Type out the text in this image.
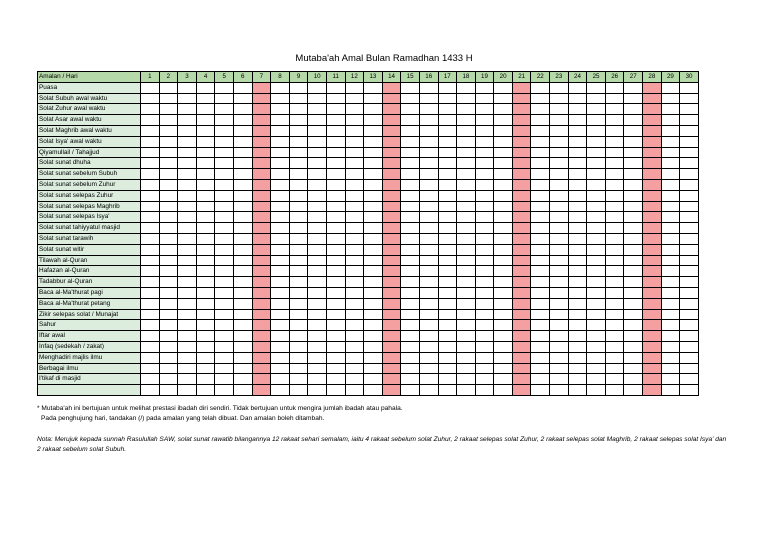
Mutaba'ah Amal Bulan Ramadhan 1433 H
Amalan / Hari	1	2	3	4	5	6	7	8	9	10	11	12	13	14	15	16	17	18	19	20	21	22	23	24	25	26	27	28	29	30
Puasa																														
Solat Subuh awal waktu																														
Solat Zuhur awal waktu																														
Solat Asar awal waktu																														
Solat Maghrib awal waktu																														
Solat Isya' awal waktu																														
Qiyamullail / Tahajjud																														
Solat sunat dhuha																														
Solat sunat sebelum Subuh																														
Solat sunat sebelum Zuhur																														
Solat sunat selepas Zuhur																														
Solat sunat selepas Maghrib																														
Solat sunat selepas Isya'																														
Solat sunat tahiyyatul masjid																														
Solat sunat tarawih																														
Solat sunat witir																														
Tilawah al-Quran																														
Hafazan al-Quran																														
Tadabbur al-Quran																														
Baca al-Ma'thurat pagi																														
Baca al-Ma'thurat petang																														
Zikir selepas solat / Munajat																														
Sahur																														
Iftar awal																														
Infaq (sedekah / zakat)																														
Menghadiri majlis ilmu																														
Berbagai ilmu																														
I'tikaf di masjid																														

* Mutaba'ah ini bertujuan untuk melihat prestasi ibadah diri sendiri. Tidak bertujuan untuk mengira jumlah ibadah atau pahala.
Pada penghujung hari, tandakan (/) pada amalan yang telah dibuat. Dan amalan boleh ditambah.
Nota: Merujuk kepada sunnah Rasulullah SAW, solat sunat rawatib bilangannya 12 rakaat sehari semalam, iaitu 4 rakaat sebelum solat Zuhur, 2 rakaat selepas solat Zuhur, 2 rakaat selepas solat Maghrib, 2 rakaat selepas solat Isya' dan 2 rakaat sebelum solat Subuh.
